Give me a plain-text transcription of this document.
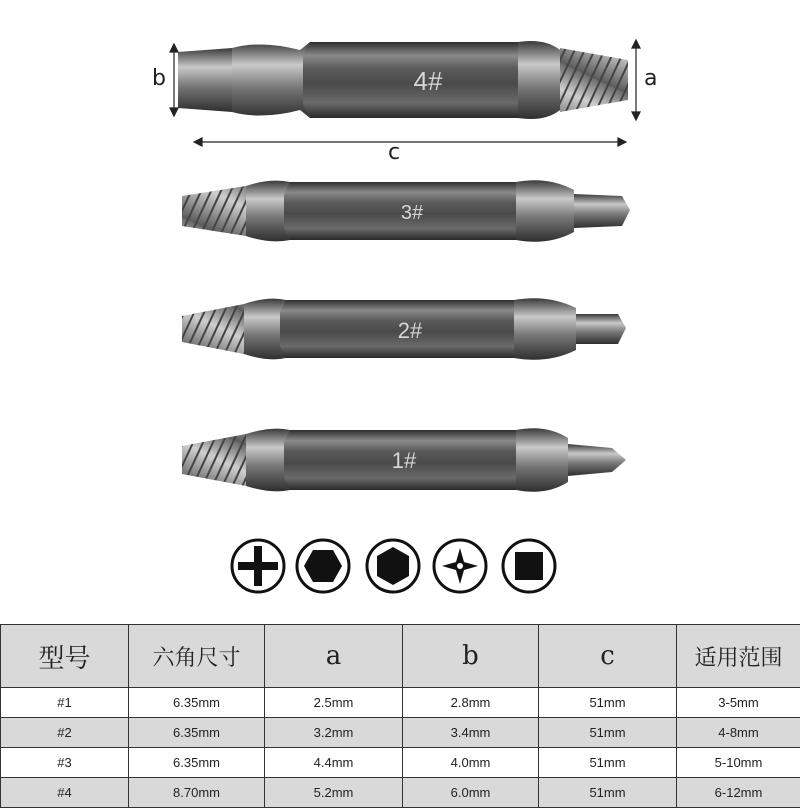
4#
3#
2#
1#
b	a
c
型号	六角尺寸	a	b	c	适用范围
#1	6.35mm	2.5mm	2.8mm	51mm	3-5mm
#2	6.35mm	3.2mm	3.4mm	51mm	4-8mm
#3	6.35mm	4.4mm	4.0mm	51mm	5-10mm
#4	8.70mm	5.2mm	6.0mm	51mm	6-12mm
